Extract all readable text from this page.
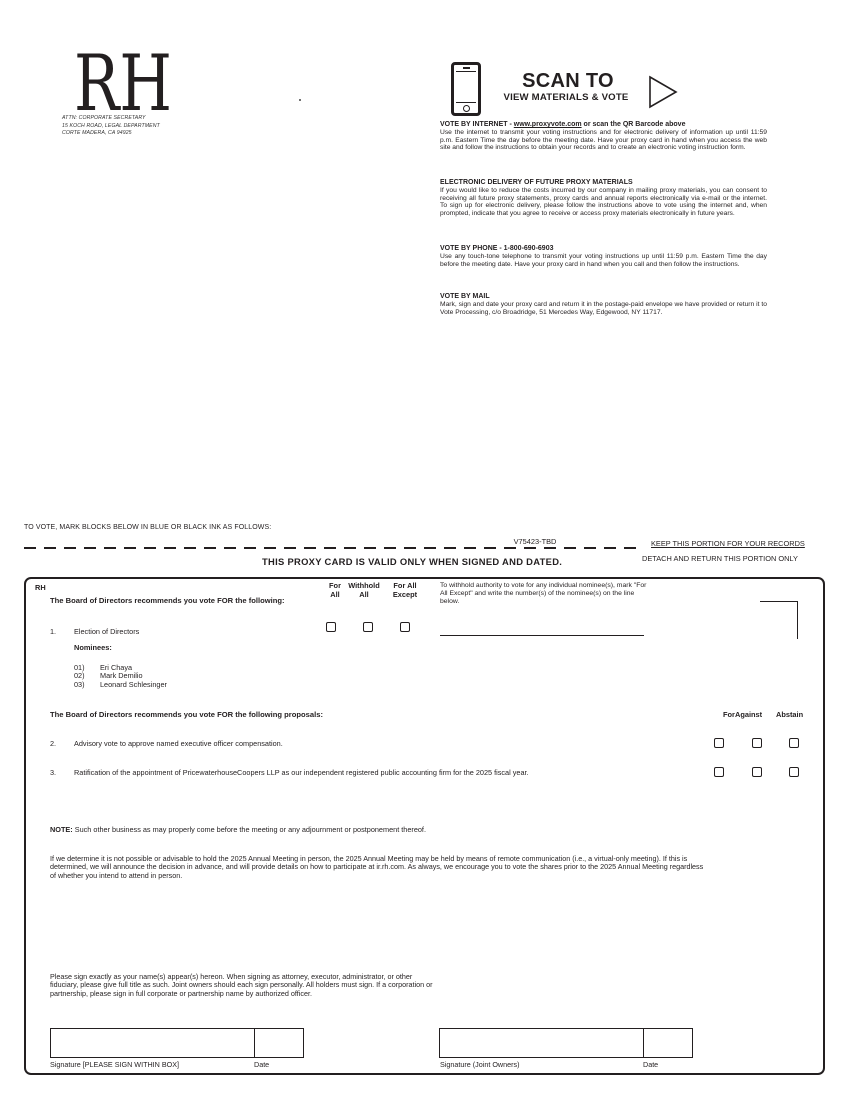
RH
ATTN: CORPORATE SECRETARY
15 KOCH ROAD, LEGAL DEPARTMENT
CORTE MADERA, CA 94925
SCAN TO
VIEW MATERIALS & VOTE
VOTE BY INTERNET - www.proxyvote.com or scan the QR Barcode above
Use the internet to transmit your voting instructions and for electronic delivery of information up until 11:59 p.m. Eastern Time the day before the meeting date. Have your proxy card in hand when you access the web site and follow the instructions to obtain your records and to create an electronic voting instruction form.
ELECTRONIC DELIVERY OF FUTURE PROXY MATERIALS
If you would like to reduce the costs incurred by our company in mailing proxy materials, you can consent to receiving all future proxy statements, proxy cards and annual reports electronically via e-mail or the internet. To sign up for electronic delivery, please follow the instructions above to vote using the internet and, when prompted, indicate that you agree to receive or access proxy materials electronically in future years.
VOTE BY PHONE - 1-800-690-6903
Use any touch-tone telephone to transmit your voting instructions up until 11:59 p.m. Eastern Time the day before the meeting date. Have your proxy card in hand when you call and then follow the instructions.
VOTE BY MAIL
Mark, sign and date your proxy card and return it in the postage-paid envelope we have provided or return it to Vote Processing, c/o Broadridge, 51 Mercedes Way, Edgewood, NY 11717.
TO VOTE, MARK BLOCKS BELOW IN BLUE OR BLACK INK AS FOLLOWS:
V75423-TBD	KEEP THIS PORTION FOR YOUR RECORDS
DETACH AND RETURN THIS PORTION ONLY
THIS PROXY CARD IS VALID ONLY WHEN SIGNED AND DATED.
RH
The Board of Directors recommends you vote FOR the following:
For
All
Withhold
All
For All
Except
To withhold authority to vote for any individual nominee(s), mark "For All Except" and write the number(s) of the nominee(s) on the line below.
1. Election of Directors
Nominees:
01) Eri Chaya
02) Mark Demilio
03) Leonard Schlesinger
The Board of Directors recommends you vote FOR the following proposals:	For Against Abstain
2. Advisory vote to approve named executive officer compensation.
3. Ratification of the appointment of PricewaterhouseCoopers LLP as our independent registered public accounting firm for the 2025 fiscal year.
NOTE: Such other business as may properly come before the meeting or any adjournment or postponement thereof.
If we determine it is not possible or advisable to hold the 2025 Annual Meeting in person, the 2025 Annual Meeting may be held by means of remote communication (i.e., a virtual-only meeting). If this is determined, we will announce the decision in advance, and will provide details on how to participate at ir.rh.com. As always, we encourage you to vote the shares prior to the 2025 Annual Meeting regardless of whether you intend to attend in person.
Please sign exactly as your name(s) appear(s) hereon. When signing as attorney, executor, administrator, or other fiduciary, please give full title as such. Joint owners should each sign personally. All holders must sign. If a corporation or partnership, please sign in full corporate or partnership name by authorized officer.
Signature [PLEASE SIGN WITHIN BOX]	Date	Signature (Joint Owners)	Date
